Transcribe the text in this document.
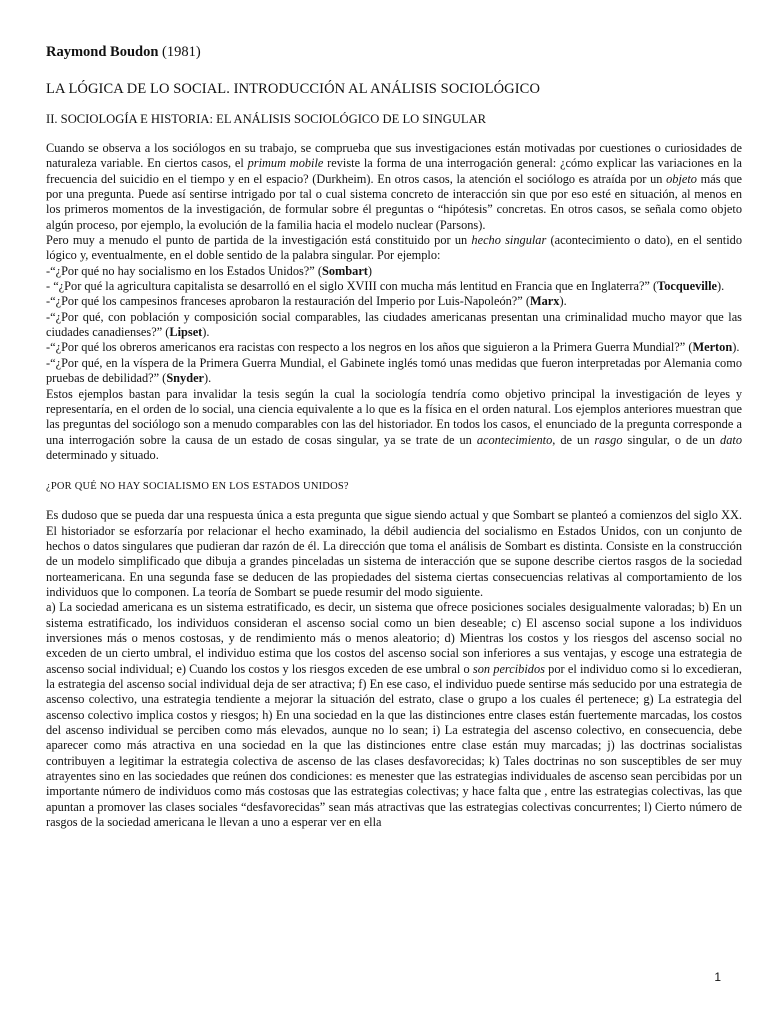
Raymond Boudon (1981)

LA LÓGICA DE LO SOCIAL. INTRODUCCIÓN AL ANÁLISIS SOCIOLÓGICO

II. SOCIOLOGÍA E HISTORIA: EL ANÁLISIS SOCIOLÓGICO DE LO SINGULAR

Cuando se observa a los sociólogos en su trabajo, se comprueba que sus investigaciones están motivadas por cuestiones o curiosidades de naturaleza variable. En ciertos casos, el primum mobile reviste la forma de una interrogación general: ¿cómo explicar las variaciones en la frecuencia del suicidio en el tiempo y en el espacio? (Durkheim). En otros casos, la atención el sociólogo es atraída por un objeto más que por una pregunta. Puede así sentirse intrigado por tal o cual sistema concreto de interacción sin que por eso esté en situación, al menos en los primeros momentos de la investigación, de formular sobre él preguntas o “hipótesis” concretas. En otros casos, se señala como objeto algún proceso, por ejemplo, la evolución de la familia hacia el modelo nuclear (Parsons).

Pero muy a menudo el punto de partida de la investigación está constituido por un hecho singular (acontecimiento o dato), en el sentido lógico y, eventualmente, en el doble sentido de la palabra singular. Por ejemplo:

-“¿Por qué no hay socialismo en los Estados Unidos?” (Sombart)

- “¿Por qué la agricultura capitalista se desarrolló en el siglo XVIII con mucha más lentitud en Francia que en Inglaterra?” (Tocqueville).

-“¿Por qué los campesinos franceses aprobaron la restauración del Imperio por Luis-Napoleón?” (Marx).

-“¿Por qué, con población y composición social comparables, las ciudades americanas presentan una criminalidad mucho mayor que las ciudades canadienses?” (Lipset).

-“¿Por qué los obreros americanos era racistas con respecto a los negros en los años que siguieron a la Primera Guerra Mundial?” (Merton).

-“¿Por qué, en la víspera de la Primera Guerra Mundial, el Gabinete inglés tomó unas medidas que fueron interpretadas por Alemania como pruebas de debilidad?” (Snyder).

Estos ejemplos bastan para invalidar la tesis según la cual la sociología tendría como objetivo principal la investigación de leyes y representaría, en el orden de lo social, una ciencia equivalente a lo que es la física en el orden natural. Los ejemplos anteriores muestran que las preguntas del sociólogo son a menudo comparables con las del historiador. En todos los casos, el enunciado de la pregunta corresponde a una interrogación sobre la causa de un estado de cosas singular, ya se trate de un acontecimiento, de un rasgo singular, o de un dato determinado y situado.

¿POR QUÉ NO HAY SOCIALISMO EN LOS ESTADOS UNIDOS?

Es dudoso que se pueda dar una respuesta única a esta pregunta que sigue siendo actual y que Sombart se planteó a comienzos del siglo XX. El historiador se esforzaría por relacionar el hecho examinado, la débil audiencia del socialismo en Estados Unidos, con un conjunto de hechos o datos singulares que pudieran dar razón de él. La dirección que toma el análisis de Sombart es distinta. Consiste en la construcción de un modelo simplificado que dibuja a grandes pinceladas un sistema de interacción que se supone describe ciertos rasgos de la sociedad norteamericana. En una segunda fase se deducen de las propiedades del sistema ciertas consecuencias relativas al comportamiento de los individuos que lo componen. La teoría de Sombart se puede resumir del modo siguiente.

a) La sociedad americana es un sistema estratificado, es decir, un sistema que ofrece posiciones sociales desigualmente valoradas; b) En un sistema estratificado, los individuos consideran el ascenso social como un bien deseable; c) El ascenso social supone a los individuos inversiones más o menos costosas, y de rendimiento más o menos aleatorio; d) Mientras los costos y los riesgos del ascenso social no exceden de un cierto umbral, el individuo estima que los costos del ascenso social son inferiores a sus ventajas, y escoge una estrategia de ascenso social individual; e) Cuando los costos y los riesgos exceden de ese umbral o son percibidos por el individuo como si lo excedieran, la estrategia del ascenso social individual deja de ser atractiva; f) En ese caso, el individuo puede sentirse más seducido por una estrategia de ascenso colectivo, una estrategia tendiente a mejorar la situación del estrato, clase o grupo a los cuales él pertenece; g) La estrategia del ascenso colectivo implica costos y riesgos; h) En una sociedad en la que las distinciones entre clases están fuertemente marcadas, los costos del ascenso individual se perciben como más elevados, aunque no lo sean; i) La estrategia del ascenso colectivo, en consecuencia, debe aparecer como más atractiva en una sociedad en la que las distinciones entre clase están muy marcadas; j) las doctrinas socialistas contribuyen a legitimar la estrategia colectiva de ascenso de las clases desfavorecidas; k) Tales doctrinas no son susceptibles de ser muy atrayentes sino en las sociedades que reúnen dos condiciones: es menester que las estrategias individuales de ascenso sean percibidas por un importante número de individuos como más costosas que las estrategias colectivas; y hace falta que , entre las estrategias colectivas, las que apuntan a promover las clases sociales “desfavorecidas” sean más atractivas que las estrategias colectivas concurrentes; l) Cierto número de rasgos de la sociedad americana le llevan a uno a esperar ver en ella

1
